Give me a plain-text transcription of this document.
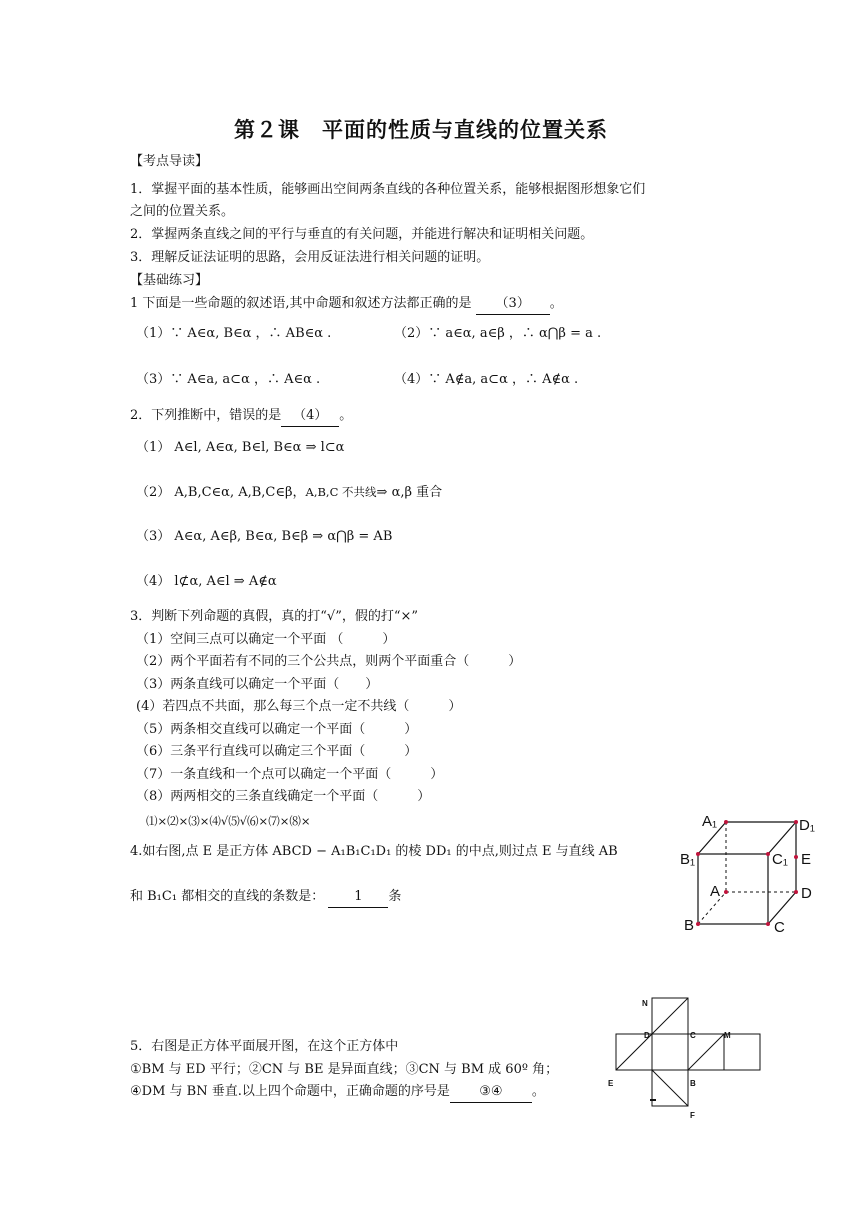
第２课　平面的性质与直线的位置关系
【考点导读】
1．掌握平面的基本性质，能够画出空间两条直线的各种位置关系，能够根据图形想象它们
之间的位置关系。
2．掌握两条直线之间的平行与垂直的有关问题，并能进行解决和证明相关问题。
3．理解反证法证明的思路，会用反证法进行相关问题的证明。
【基础练习】
1 下面是一些命题的叙述语,其中命题和叙述方法都正确的是 （3） 。
（1）∵ A∈α, B∈α ，∴ AB∈α .	（2）∵ a∈α, a∈β ，∴ α⋂β = a .
（3）∵ A∈a, a⊂α ，∴ A∈α .	（4）∵ A∉a, a⊂α ，∴ A∉α .
2．下列推断中，错误的是 （4） 。
（1） A∈l, A∈α, B∈l, B∈α ⇒ l⊂α
（2） A,B,C∈α, A,B,C∈β，A,B,C 不共线⇒ α,β 重合
（3） A∈α, A∈β, B∈α, B∈β ⇒ α⋂β = AB
（4） l⊄α, A∈l ⇒ A∉α
3．判断下列命题的真假，真的打“√”，假的打“×”
（1）空间三点可以确定一个平面 （　　　）
（2）两个平面若有不同的三个公共点，则两个平面重合（　　　）
（3）两条直线可以确定一个平面（　　）
(4）若四点不共面，那么每三个点一定不共线（　　　）
（5）两条相交直线可以确定一个平面（　　　）
（6）三条平行直线可以确定三个平面（　　　）
（7）一条直线和一个点可以确定一个平面（　　　）
（8）两两相交的三条直线确定一个平面（　　　）
⑴×⑵×⑶×⑷√⑸√⑹×⑺×⑻×
4.如右图,点 E 是正方体 ABCD − A₁B₁C₁D₁ 的棱 DD₁ 的中点,则过点 E 与直线 AB
和 B₁C₁ 都相交的直线的条数是： 1 条
A₁	D₁
B₁	C₁ E
A	D
B	C
5．右图是正方体平面展开图，在这个正方体中
①BM 与 ED 平行；②CN 与 BE 是异面直线；③CN 与 BM 成 60º 角；
④DM 与 BN 垂直.以上四个命题中，正确命题的序号是 ③④ 。
N
D	C	M
E	B
F
